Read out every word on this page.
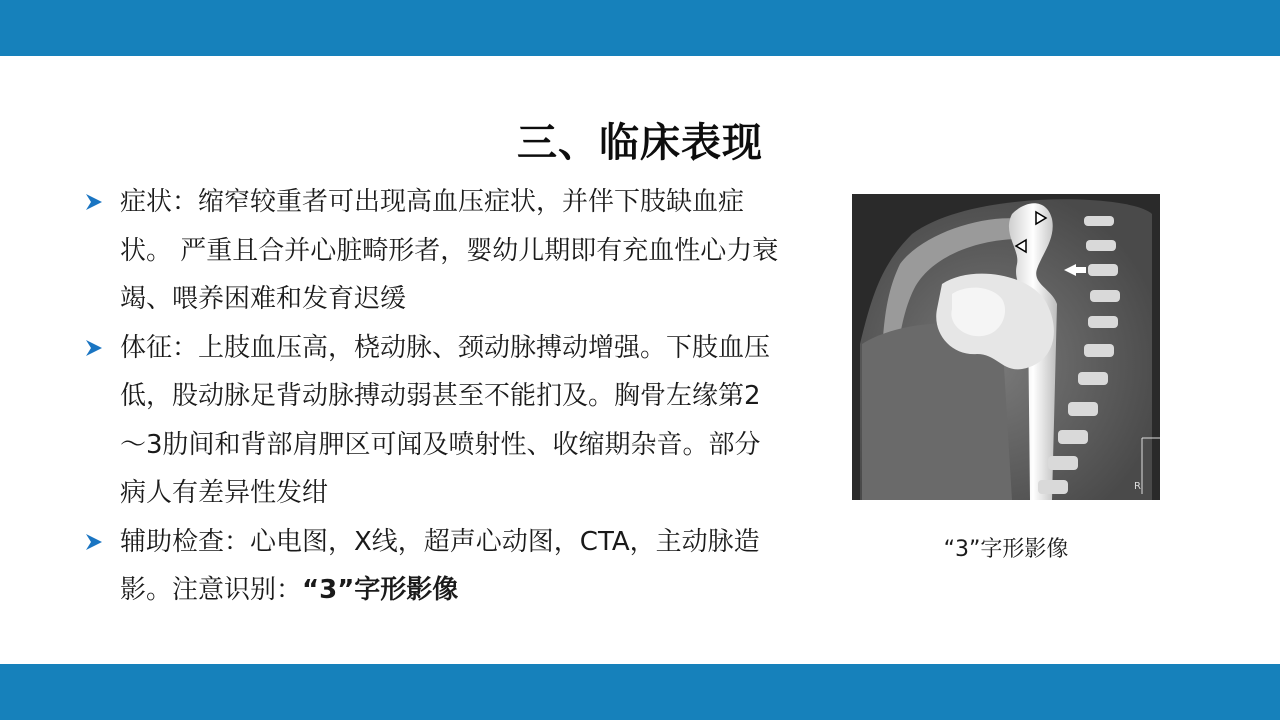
三、临床表现
症状：缩窄较重者可出现高血压症状，并伴下肢缺血症状。 严重且合并心脏畸形者，婴幼儿期即有充血性心力衰竭、喂养困难和发育迟缓
体征：上肢血压高，桡动脉、颈动脉搏动增强。下肢血压低，股动脉足背动脉搏动弱甚至不能扪及。胸骨左缘第2～3肋间和背部肩胛区可闻及喷射性、收缩期杂音。部分病人有差异性发绀
辅助检查：心电图，X线，超声心动图，CTA，主动脉造影。注意识别：“3”字形影像
R
“3”字形影像
